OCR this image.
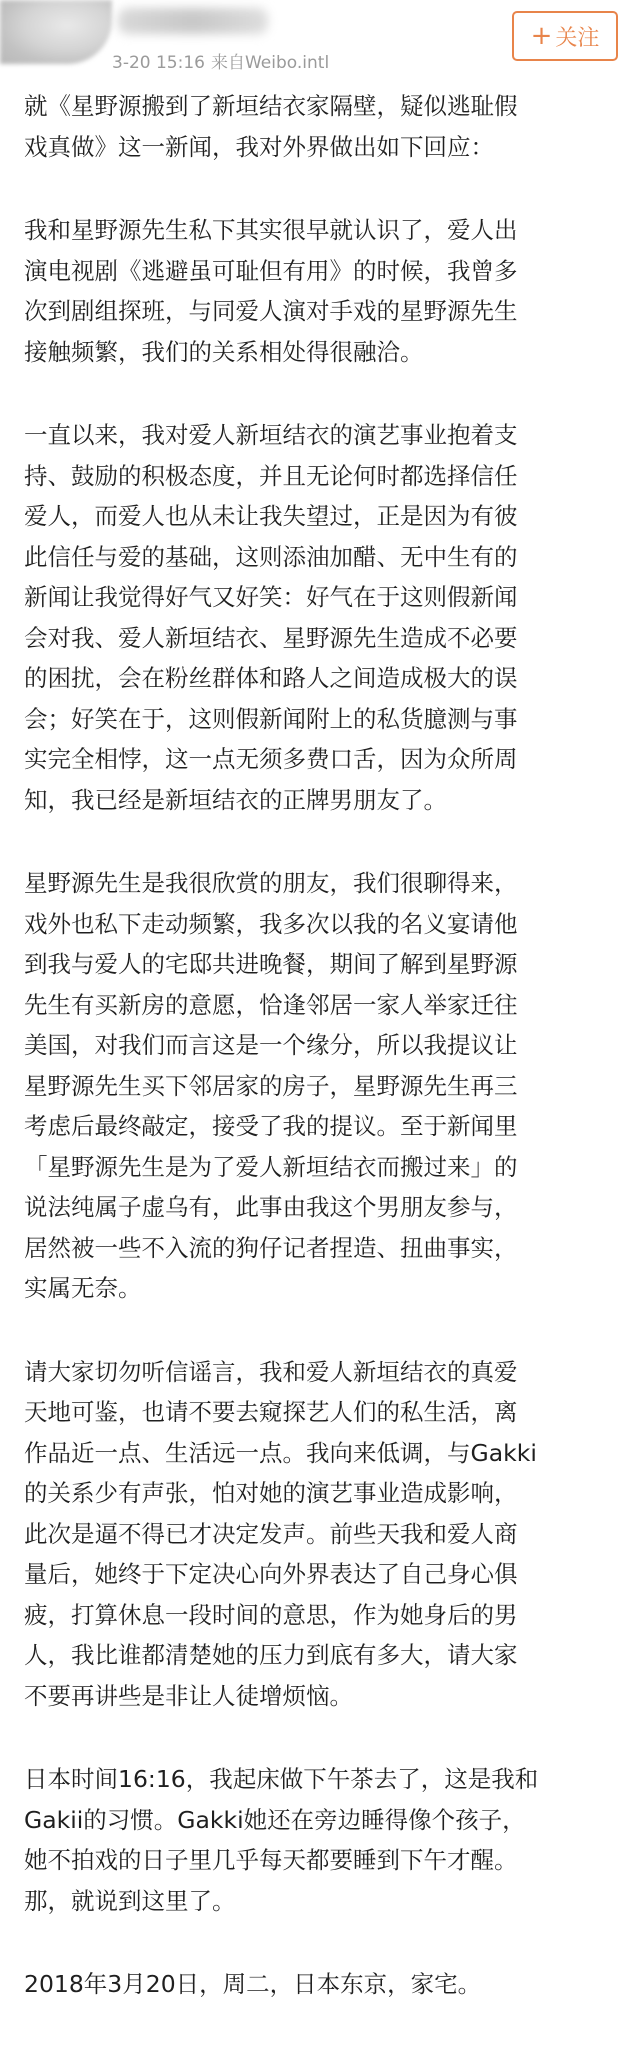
3-20 15:16 来自Weibo.intl
+ 关注

就《星野源搬到了新垣结衣家隔壁，疑似逃耻假
戏真做》这一新闻，我对外界做出如下回应：

我和星野源先生私下其实很早就认识了，爱人出
演电视剧《逃避虽可耻但有用》的时候，我曾多
次到剧组探班，与同爱人演对手戏的星野源先生
接触频繁，我们的关系相处得很融洽。

一直以来，我对爱人新垣结衣的演艺事业抱着支
持、鼓励的积极态度，并且无论何时都选择信任
爱人，而爱人也从未让我失望过，正是因为有彼
此信任与爱的基础，这则添油加醋、无中生有的
新闻让我觉得好气又好笑：好气在于这则假新闻
会对我、爱人新垣结衣、星野源先生造成不必要
的困扰，会在粉丝群体和路人之间造成极大的误
会；好笑在于，这则假新闻附上的私货臆测与事
实完全相悖，这一点无须多费口舌，因为众所周
知，我已经是新垣结衣的正牌男朋友了。

星野源先生是我很欣赏的朋友，我们很聊得来，
戏外也私下走动频繁，我多次以我的名义宴请他
到我与爱人的宅邸共进晚餐，期间了解到星野源
先生有买新房的意愿，恰逢邻居一家人举家迁往
美国，对我们而言这是一个缘分，所以我提议让
星野源先生买下邻居家的房子，星野源先生再三
考虑后最终敲定，接受了我的提议。至于新闻里
「星野源先生是为了爱人新垣结衣而搬过来」的
说法纯属子虚乌有，此事由我这个男朋友参与，
居然被一些不入流的狗仔记者捏造、扭曲事实，
实属无奈。

请大家切勿听信谣言，我和爱人新垣结衣的真爱
天地可鉴，也请不要去窥探艺人们的私生活，离
作品近一点、生活远一点。我向来低调，与Gakki
的关系少有声张，怕对她的演艺事业造成影响，
此次是逼不得已才决定发声。前些天我和爱人商
量后，她终于下定决心向外界表达了自己身心俱
疲，打算休息一段时间的意思，作为她身后的男
人，我比谁都清楚她的压力到底有多大，请大家
不要再讲些是非让人徒增烦恼。

日本时间16:16，我起床做下午茶去了，这是我和
Gakii的习惯。Gakki她还在旁边睡得像个孩子，
她不拍戏的日子里几乎每天都要睡到下午才醒。
那，就说到这里了。

2018年3月20日，周二，日本东京，家宅。
